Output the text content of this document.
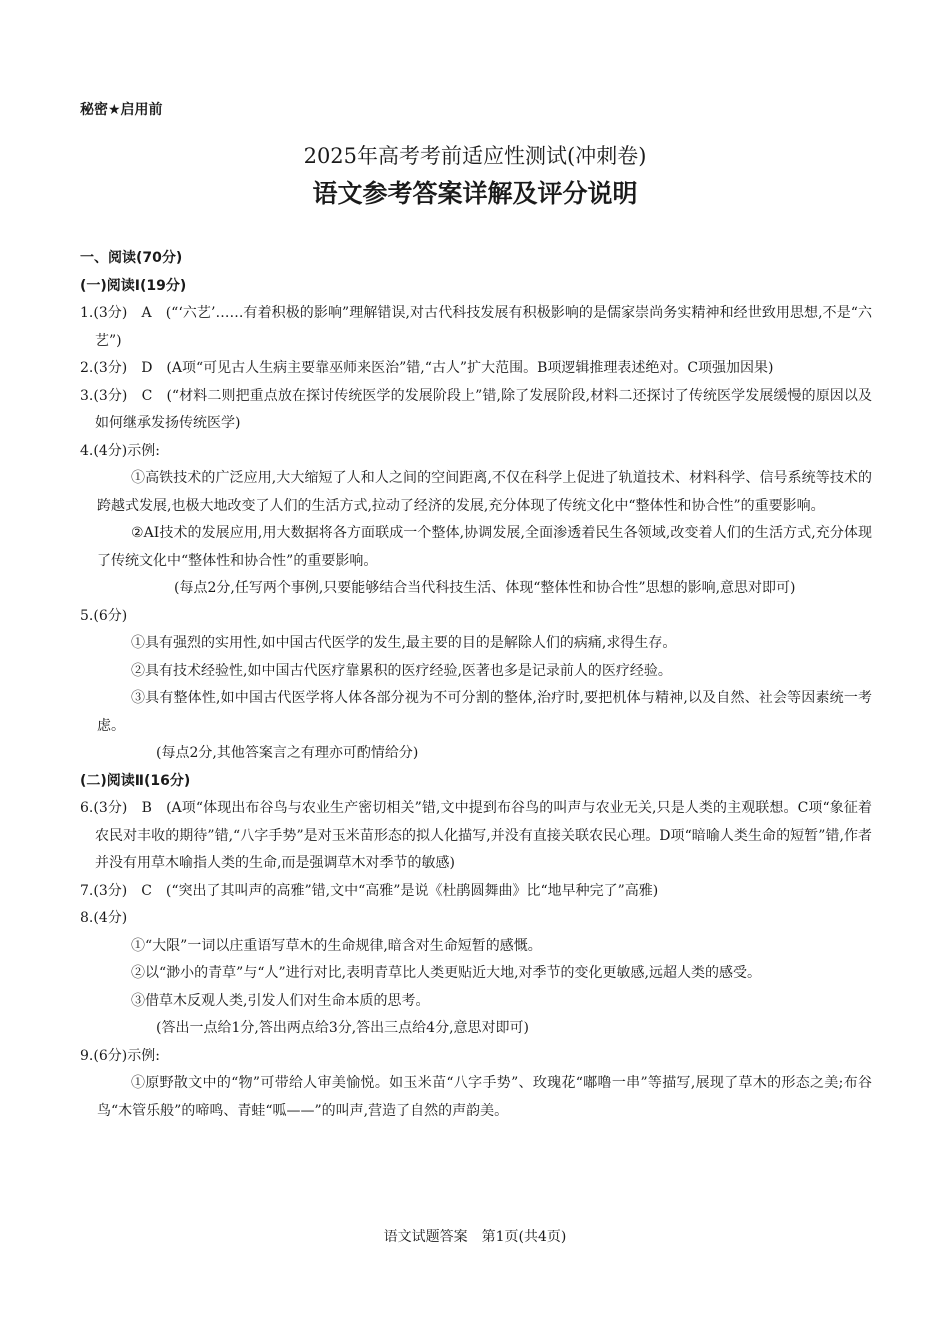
秘密★启用前
2025年高考考前适应性测试(冲刺卷)
语文参考答案详解及评分说明
一、阅读(70分)
(一)阅读Ⅰ(19分)
1.(3分)　A　(“‘六艺’……有着积极的影响”理解错误,对古代科技发展有积极影响的是儒家崇尚务实精神和经世致用思想,不是“六艺”)
2.(3分)　D　(A项“可见古人生病主要靠巫师来医治”错,“古人”扩大范围。B项逻辑推理表述绝对。C项强加因果)
3.(3分)　C　(“材料二则把重点放在探讨传统医学的发展阶段上”错,除了发展阶段,材料二还探讨了传统医学发展缓慢的原因以及如何继承发扬传统医学)
4.(4分)示例:
①高铁技术的广泛应用,大大缩短了人和人之间的空间距离,不仅在科学上促进了轨道技术、材料科学、信号系统等技术的跨越式发展,也极大地改变了人们的生活方式,拉动了经济的发展,充分体现了传统文化中“整体性和协合性”的重要影响。
②AI技术的发展应用,用大数据将各方面联成一个整体,协调发展,全面渗透着民生各领域,改变着人们的生活方式,充分体现了传统文化中“整体性和协合性”的重要影响。
(每点2分,任写两个事例,只要能够结合当代科技生活、体现“整体性和协合性”思想的影响,意思对即可)
5.(6分)
①具有强烈的实用性,如中国古代医学的发生,最主要的目的是解除人们的病痛,求得生存。
②具有技术经验性,如中国古代医疗靠累积的医疗经验,医著也多是记录前人的医疗经验。
③具有整体性,如中国古代医学将人体各部分视为不可分割的整体,治疗时,要把机体与精神,以及自然、社会等因素统一考虑。
(每点2分,其他答案言之有理亦可酌情给分)
(二)阅读Ⅱ(16分)
6.(3分)　B　(A项“体现出布谷鸟与农业生产密切相关”错,文中提到布谷鸟的叫声与农业无关,只是人类的主观联想。C项“象征着农民对丰收的期待”错,“八字手势”是对玉米苗形态的拟人化描写,并没有直接关联农民心理。D项“暗喻人类生命的短暂”错,作者并没有用草木喻指人类的生命,而是强调草木对季节的敏感)
7.(3分)　C　(“突出了其叫声的高雅”错,文中“高雅”是说《杜鹃圆舞曲》比“地早种完了”高雅)
8.(4分)
①“大限”一词以庄重语写草木的生命规律,暗含对生命短暂的感慨。
②以“渺小的青草”与“人”进行对比,表明青草比人类更贴近大地,对季节的变化更敏感,远超人类的感受。
③借草木反观人类,引发人们对生命本质的思考。
(答出一点给1分,答出两点给3分,答出三点给4分,意思对即可)
9.(6分)示例:
①原野散文中的“物”可带给人审美愉悦。如玉米苗“八字手势”、玫瑰花“嘟噜一串”等描写,展现了草木的形态之美;布谷鸟“木管乐般”的啼鸣、青蛙“呱——”的叫声,营造了自然的声韵美。
语文试题答案　第1页(共4页)
